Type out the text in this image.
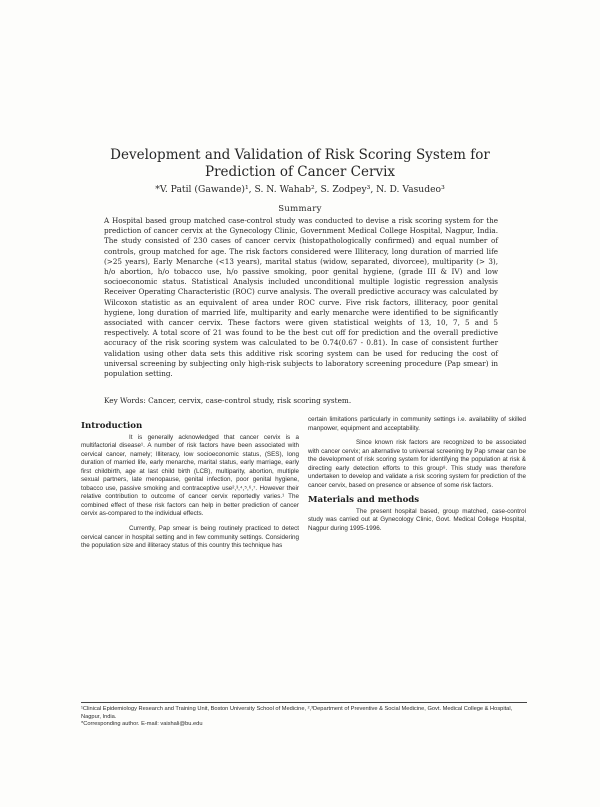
Development and Validation of Risk Scoring System for Prediction of Cancer Cervix

*V. Patil (Gawande)¹, S. N. Wahab², S. Zodpey³, N. D. Vasudeo³

Summary

A Hospital based group matched case-control study was conducted to devise a risk scoring system for the prediction of cancer cervix at the Gynecology Clinic, Government Medical College Hospital, Nagpur, India. The study consisted of 230 cases of cancer cervix (histopathologically confirmed) and equal number of controls, group matched for age. The risk factors considered were Illiteracy, long duration of married life (>25 years), Early Menarche (<13 years), marital status (widow, separated, divorcee), multiparity (> 3), h/o abortion, h/o tobacco use, h/o passive smoking, poor genital hygiene, (grade III & IV) and low socioeconomic status. Statistical Analysis included unconditional multiple logistic regression analysis Receiver Operating Characteristic (ROC) curve analysis. The overall predictive accuracy was calculated by Wilcoxon statistic as an equivalent of area under ROC curve. Five risk factors, illiteracy, poor genital hygiene, long duration of married life, multiparity and early menarche were identified to be significantly associated with cancer cervix. These factors were given statistical weights of 13, 10, 7, 5 and 5 respectively. A total score of 21 was found to be the best cut off for prediction and the overall predictive accuracy of the risk scoring system was calculated to be 0.74(0.67 - 0.81). In case of consistent further validation using other data sets this additive risk scoring system can be used for reducing the cost of universal screening by subjecting only high-risk subjects to laboratory screening procedure (Pap smear) in population setting.

Key Words: Cancer, cervix, case-control study, risk scoring system.

Introduction

It is generally acknowledged that cancer cervix is a multifactorial disease¹. A number of risk factors have been associated with cervical cancer, namely; Illiteracy, low socioeconomic status, (SES), long duration of married life, early menarche, marital status, early marriage, early first childbirth, age at last child birth (LCB), multiparity, abortion, multiple sexual partners, late menopause, genital infection, poor genital hygiene, tobacco use, passive smoking and contraceptive use²,³,⁴,⁵,⁶,⁷. However their relative contribution to outcome of cancer cervix reportedly varies.¹ The combined effect of these risk factors can help in better prediction of cancer cervix as-compared to the individual effects.

Currently, Pap smear is being routinely practiced to detect cervical cancer in hospital setting and in few community settings. Considering the population size and illiteracy status of this country this technique has

certain limitations particularly in community settings i.e. availability of skilled manpower, equipment and acceptability.

Since known risk factors are recognized to be associated with cancer cervix; an alternative to universal screening by Pap smear can be the development of risk scoring system for identifying the population at risk & directing early detection efforts to this group⁸. This study was therefore undertaken to develop and validate a risk scoring system for prediction of the cancer cervix, based on presence or absence of some risk factors.

Materials and methods

The present hospital based, group matched, case-control study was carried out at Gynecology Clinic, Govt. Medical College Hospital, Nagpur during 1995-1996.

¹Clinical Epidemiology Research and Training Unit, Boston University School of Medicine, ²,³Department of Preventive & Social Medicine, Govt. Medical College & Hospital, Nagpur, India.

*Corresponding author. E-mail: vaishali@bu.edu
